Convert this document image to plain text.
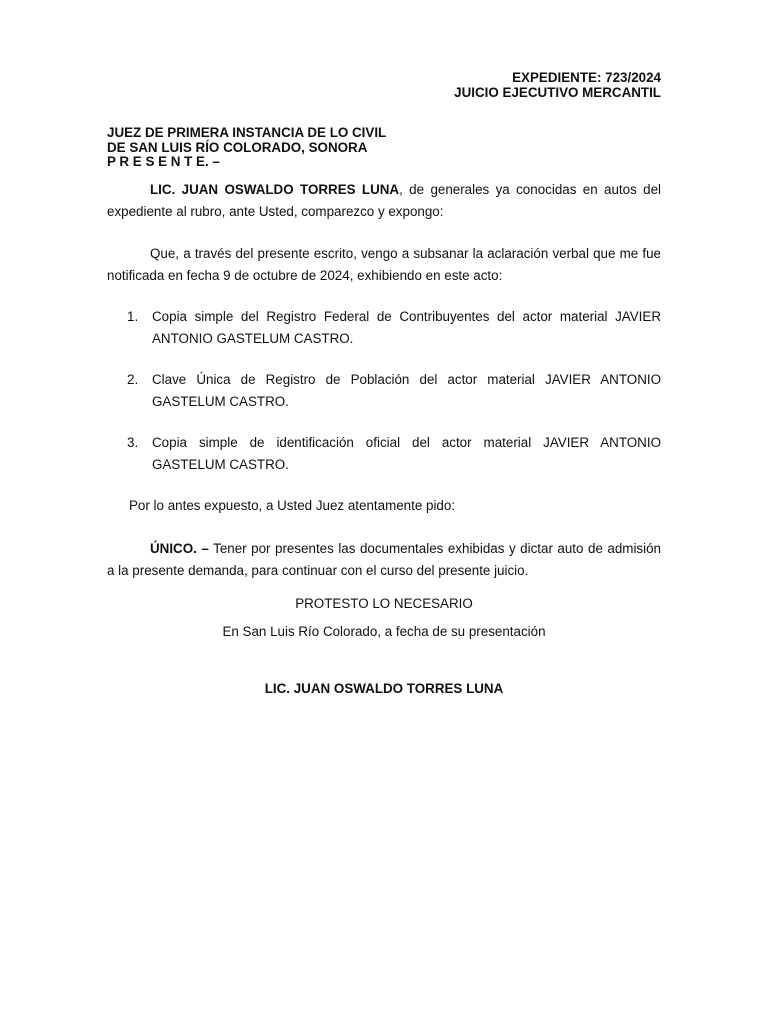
EXPEDIENTE: 723/2024
JUICIO EJECUTIVO MERCANTIL
JUEZ DE PRIMERA INSTANCIA DE LO CIVIL
DE SAN LUIS RÍO COLORADO, SONORA
P R E S E N T E. –
LIC. JUAN OSWALDO TORRES LUNA, de generales ya conocidas en autos del expediente al rubro, ante Usted, comparezco y expongo:
Que, a través del presente escrito, vengo a subsanar la aclaración verbal que me fue notificada en fecha 9 de octubre de 2024, exhibiendo en este acto:
1.	Copia simple del Registro Federal de Contribuyentes del actor material JAVIER ANTONIO GASTELUM CASTRO.
2.	Clave Única de Registro de Población del actor material JAVIER ANTONIO GASTELUM CASTRO.
3.	Copia simple de identificación oficial del actor material JAVIER ANTONIO GASTELUM CASTRO.
Por lo antes expuesto, a Usted Juez atentamente pido:
ÚNICO. – Tener por presentes las documentales exhibidas y dictar auto de admisión a la presente demanda, para continuar con el curso del presente juicio.
PROTESTO LO NECESARIO
En San Luis Río Colorado, a fecha de su presentación
LIC. JUAN OSWALDO TORRES LUNA
